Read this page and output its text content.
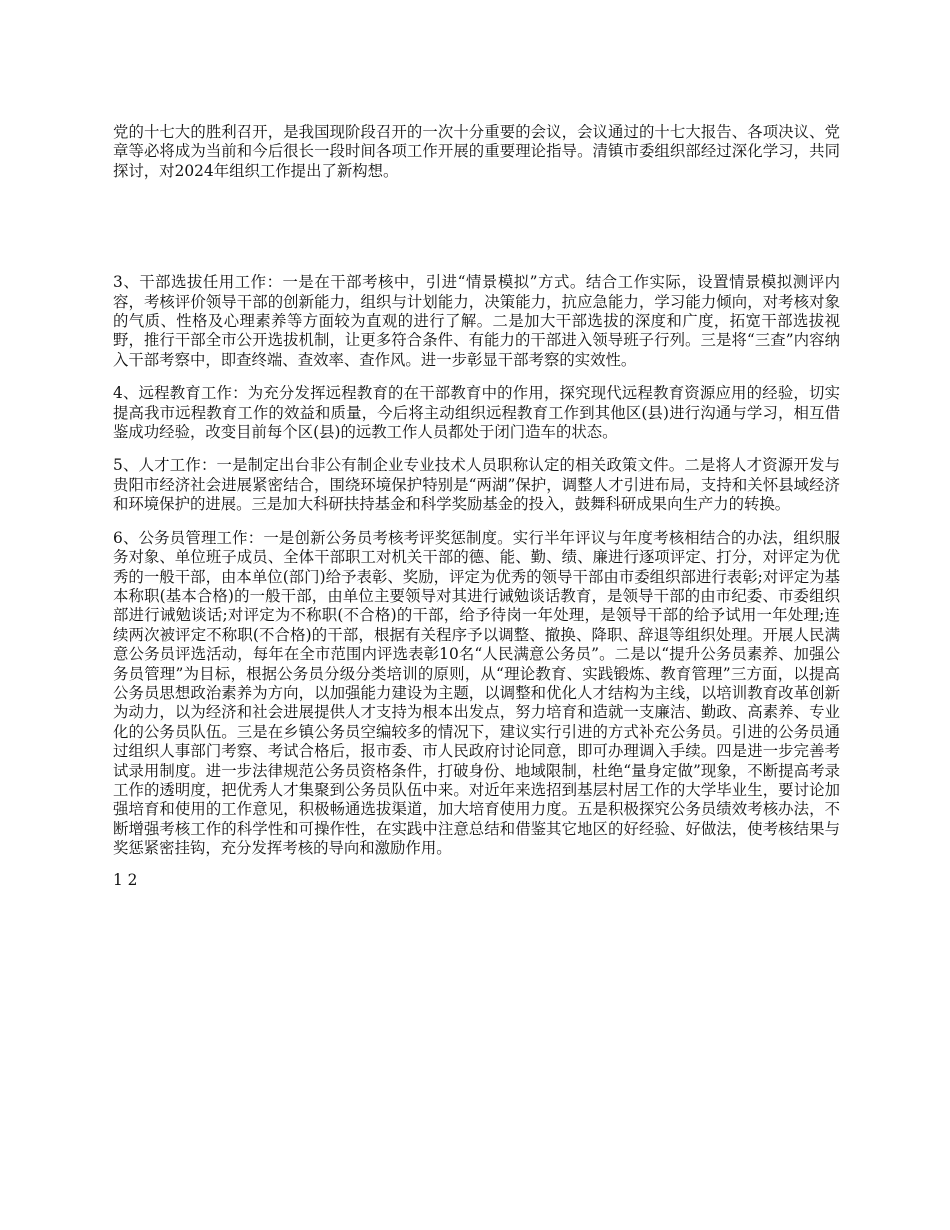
党的十七大的胜利召开，是我国现阶段召开的一次十分重要的会议，会议通过的十七大报告、各项决议、党章等必将成为当前和今后很长一段时间各项工作开展的重要理论指导。清镇市委组织部经过深化学习，共同探讨，对2024年组织工作提出了新构想。

3、干部选拔任用工作：一是在干部考核中，引进“情景模拟”方式。结合工作实际，设置情景模拟测评内容，考核评价领导干部的创新能力，组织与计划能力，决策能力，抗应急能力，学习能力倾向，对考核对象的气质、性格及心理素养等方面较为直观的进行了解。二是加大干部选拔的深度和广度，拓宽干部选拔视野，推行干部全市公开选拔机制，让更多符合条件、有能力的干部进入领导班子行列。三是将“三查”内容纳入干部考察中，即查终端、查效率、查作风。进一步彰显干部考察的实效性。

4、远程教育工作：为充分发挥远程教育的在干部教育中的作用，探究现代远程教育资源应用的经验，切实提高我市远程教育工作的效益和质量，今后将主动组织远程教育工作到其他区(县)进行沟通与学习，相互借鉴成功经验，改变目前每个区(县)的远教工作人员都处于闭门造车的状态。

5、人才工作：一是制定出台非公有制企业专业技术人员职称认定的相关政策文件。二是将人才资源开发与贵阳市经济社会进展紧密结合，围绕环境保护特别是“两湖”保护，调整人才引进布局，支持和关怀县域经济和环境保护的进展。三是加大科研扶持基金和科学奖励基金的投入，鼓舞科研成果向生产力的转换。

6、公务员管理工作：一是创新公务员考核考评奖惩制度。实行半年评议与年度考核相结合的办法，组织服务对象、单位班子成员、全体干部职工对机关干部的德、能、勤、绩、廉进行逐项评定、打分，对评定为优秀的一般干部，由本单位(部门)给予表彰、奖励，评定为优秀的领导干部由市委组织部进行表彰;对评定为基本称职(基本合格)的一般干部，由单位主要领导对其进行诫勉谈话教育，是领导干部的由市纪委、市委组织部进行诫勉谈话;对评定为不称职(不合格)的干部，给予待岗一年处理，是领导干部的给予试用一年处理;连续两次被评定不称职(不合格)的干部，根据有关程序予以调整、撤换、降职、辞退等组织处理。开展人民满意公务员评选活动，每年在全市范围内评选表彰10名“人民满意公务员”。二是以“提升公务员素养、加强公务员管理”为目标，根据公务员分级分类培训的原则，从“理论教育、实践锻炼、教育管理”三方面，以提高公务员思想政治素养为方向，以加强能力建设为主题，以调整和优化人才结构为主线，以培训教育改革创新为动力，以为经济和社会进展提供人才支持为根本出发点，努力培育和造就一支廉洁、勤政、高素养、专业化的公务员队伍。三是在乡镇公务员空编较多的情况下，建议实行引进的方式补充公务员。引进的公务员通过组织人事部门考察、考试合格后，报市委、市人民政府讨论同意，即可办理调入手续。四是进一步完善考试录用制度。进一步法律规范公务员资格条件，打破身份、地域限制，杜绝“量身定做”现象，不断提高考录工作的透明度，把优秀人才集聚到公务员队伍中来。对近年来选招到基层村居工作的大学毕业生，要讨论加强培育和使用的工作意见，积极畅通选拔渠道，加大培育使用力度。五是积极探究公务员绩效考核办法，不断增强考核工作的科学性和可操作性，在实践中注意总结和借鉴其它地区的好经验、好做法，使考核结果与奖惩紧密挂钩，充分发挥考核的导向和激励作用。

1 2
